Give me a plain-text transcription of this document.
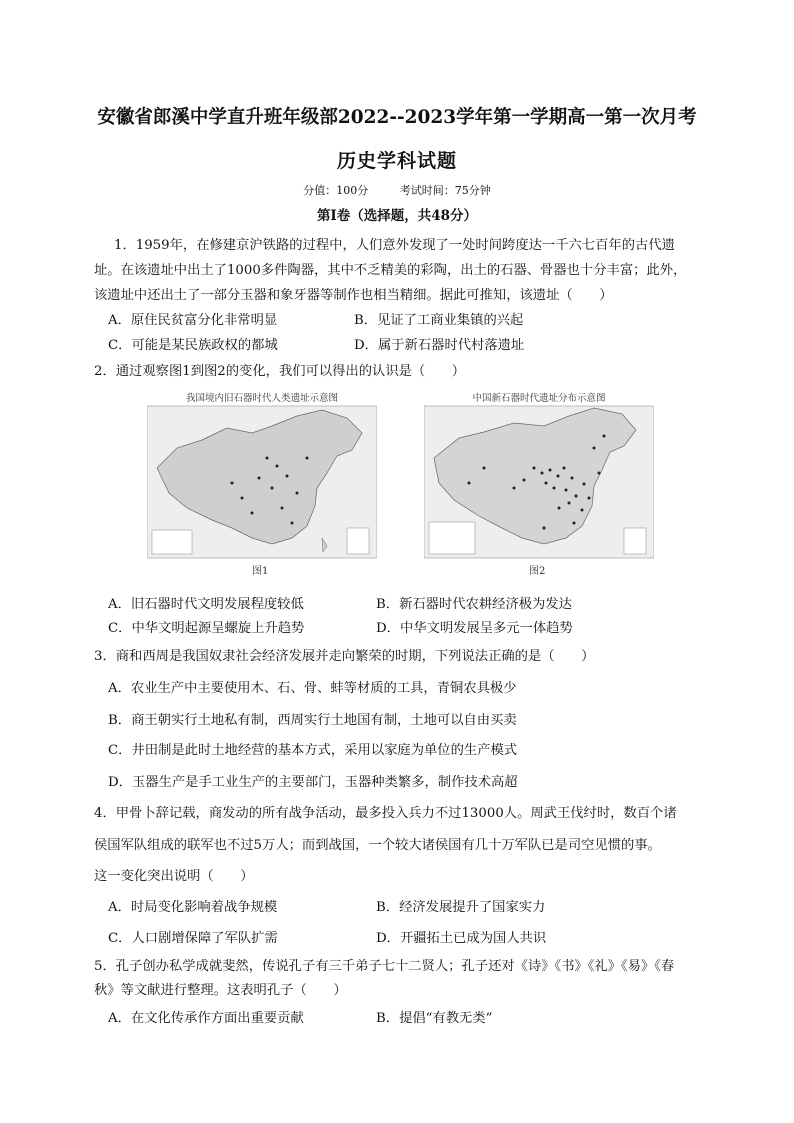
安徽省郎溪中学直升班年级部2022--2023学年第一学期高一第一次月考
历史学科试题
分值：100分	考试时间：75分钟
第Ⅰ卷（选择题，共48分）
1．1959年，在修建京沪铁路的过程中，人们意外发现了一处时间跨度达一千六七百年的古代遗
址。在该遗址中出土了1000多件陶器，其中不乏精美的彩陶，出土的石器、骨器也十分丰富；此外，
该遗址中还出土了一部分玉器和象牙器等制作也相当精细。据此可推知，该遗址（　　）
A．原住民贫富分化非常明显	B．见证了工商业集镇的兴起
C．可能是某民族政权的都城	D．属于新石器时代村落遗址
2．通过观察图1到图2的变化，我们可以得出的认识是（　　）
我国境内旧石器时代人类遗址示意图
图1
中国新石器时代遗址分布示意图
图2
A．旧石器时代文明发展程度较低	B．新石器时代农耕经济极为发达
C．中华文明起源呈螺旋上升趋势	D．中华文明发展呈多元一体趋势
3．商和西周是我国奴隶社会经济发展并走向繁荣的时期，下列说法正确的是（　　）
A．农业生产中主要使用木、石、骨、蚌等材质的工具，青铜农具极少
B．商王朝实行土地私有制，西周实行土地国有制，土地可以自由买卖
C．井田制是此时土地经营的基本方式，采用以家庭为单位的生产模式
D．玉器生产是手工业生产的主要部门，玉器种类繁多，制作技术高超
4．甲骨卜辞记载，商发动的所有战争活动，最多投入兵力不过13000人。周武王伐纣时，数百个诸
侯国军队组成的联军也不过5万人；而到战国，一个较大诸侯国有几十万军队已是司空见惯的事。
这一变化突出说明（　　）
A．时局变化影响着战争规模	B．经济发展提升了国家实力
C．人口剧增保障了军队扩需	D．开疆拓土已成为国人共识
5．孔子创办私学成就斐然，传说孔子有三千弟子七十二贤人；孔子还对《诗》《书》《礼》《易》《春
秋》等文献进行整理。这表明孔子（　　）
A．在文化传承作方面出重要贡献	B．提倡“有教无类”
